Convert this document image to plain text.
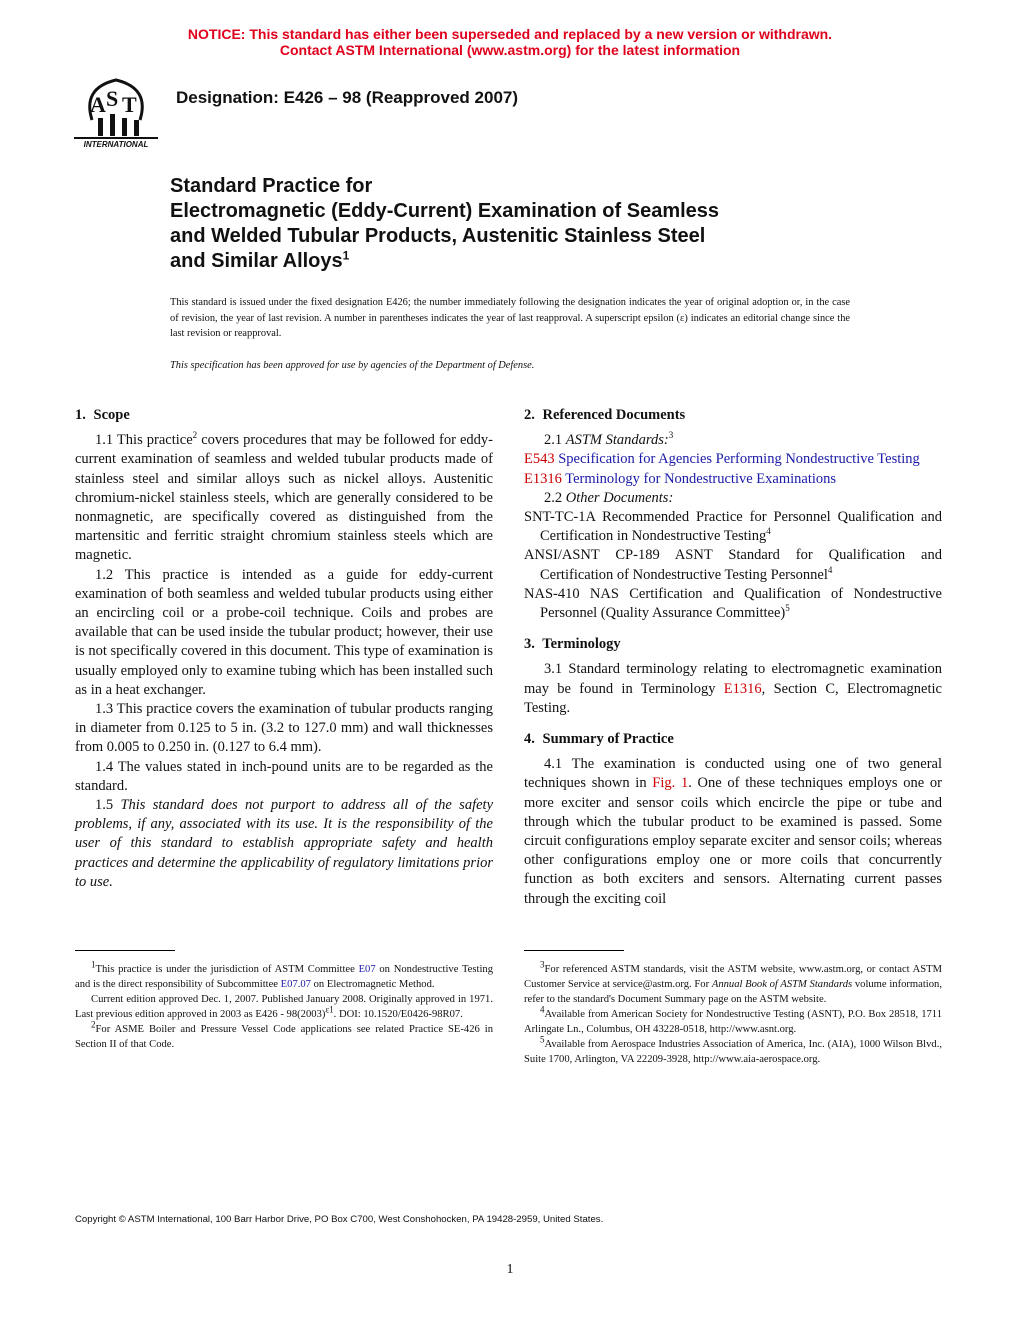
NOTICE: This standard has either been superseded and replaced by a new version or withdrawn.
Contact ASTM International (www.astm.org) for the latest information
A S T
INTERNATIONAL
Designation: E426 – 98 (Reapproved 2007)
Standard Practice for
Electromagnetic (Eddy-Current) Examination of Seamless
and Welded Tubular Products, Austenitic Stainless Steel
and Similar Alloys$^1$
This standard is issued under the fixed designation E426; the number immediately following the designation indicates the year of original adoption or, in the case of revision, the year of last revision. A number in parentheses indicates the year of last reapproval. A superscript epsilon (ε) indicates an editorial change since the last revision or reapproval.
This specification has been approved for use by agencies of the Department of Defense.
1. Scope

1.1 This practice$^2$ covers procedures that may be followed for eddy-current examination of seamless and welded tubular products made of stainless steel and similar alloys such as nickel alloys. Austenitic chromium-nickel stainless steels, which are generally considered to be nonmagnetic, are specifically covered as distinguished from the martensitic and ferritic straight chromium stainless steels which are magnetic.

1.2 This practice is intended as a guide for eddy-current examination of both seamless and welded tubular products using either an encircling coil or a probe-coil technique. Coils and probes are available that can be used inside the tubular product; however, their use is not specifically covered in this document. This type of examination is usually employed only to examine tubing which has been installed such as in a heat exchanger.

1.3 This practice covers the examination of tubular products ranging in diameter from 0.125 to 5 in. (3.2 to 127.0 mm) and wall thicknesses from 0.005 to 0.250 in. (0.127 to 6.4 mm).

1.4 The values stated in inch-pound units are to be regarded as the standard.

1.5 This standard does not purport to address all of the safety problems, if any, associated with its use. It is the responsibility of the user of this standard to establish appropriate safety and health practices and determine the applicability of regulatory limitations prior to use.

2. Referenced Documents

2.1 ASTM Standards:$^3$

E543 Specification for Agencies Performing Nondestructive Testing
E1316 Terminology for Nondestructive Examinations

2.2 Other Documents:

SNT-TC-1A Recommended Practice for Personnel Qualification and Certification in Nondestructive Testing$^4$
ANSI/ASNT CP-189 ASNT Standard for Qualification and Certification of Nondestructive Testing Personnel$^4$
NAS-410 NAS Certification and Qualification of Nondestructive Personnel (Quality Assurance Committee)$^5$
3. Terminology

3.1 Standard terminology relating to electromagnetic examination may be found in Terminology E1316, Section C, Electromagnetic Testing.

4. Summary of Practice

4.1 The examination is conducted using one of two general techniques shown in Fig. 1. One of these techniques employs one or more exciter and sensor coils which encircle the pipe or tube and through which the tubular product to be examined is passed. Some circuit configurations employ separate exciter and sensor coils; whereas other configurations employ one or more coils that concurrently function as both exciters and sensors. Alternating current passes through the exciting coil

$^1$This practice is under the jurisdiction of ASTM Committee E07 on Nondestructive Testing and is the direct responsibility of Subcommittee E07.07 on Electromagnetic Method.

Current edition approved Dec. 1, 2007. Published January 2008. Originally approved in 1971. Last previous edition approved in 2003 as $E426 - 98(2003)^{\varepsilon 1}$. DOI: 10.1520/E0426-98R07.

$^2$For ASME Boiler and Pressure Vessel Code applications see related Practice SE-426 in Section II of that Code.

$^3$For referenced ASTM standards, visit the ASTM website, www.astm.org, or contact ASTM Customer Service at service@astm.org. For Annual Book of ASTM Standards volume information, refer to the standard's Document Summary page on the ASTM website.

$^4$Available from American Society for Nondestructive Testing (ASNT), P.O. Box 28518, 1711 Arlingate Ln., Columbus, OH 43228-0518, http://www.asnt.org.

$^5$Available from Aerospace Industries Association of America, Inc. (AIA), 1000 Wilson Blvd., Suite 1700, Arlington, VA 22209-3928, http://www.aia-aerospace.org.

Copyright © ASTM International, 100 Barr Harbor Drive, PO Box C700, West Conshohocken, PA 19428-2959, United States.
1
